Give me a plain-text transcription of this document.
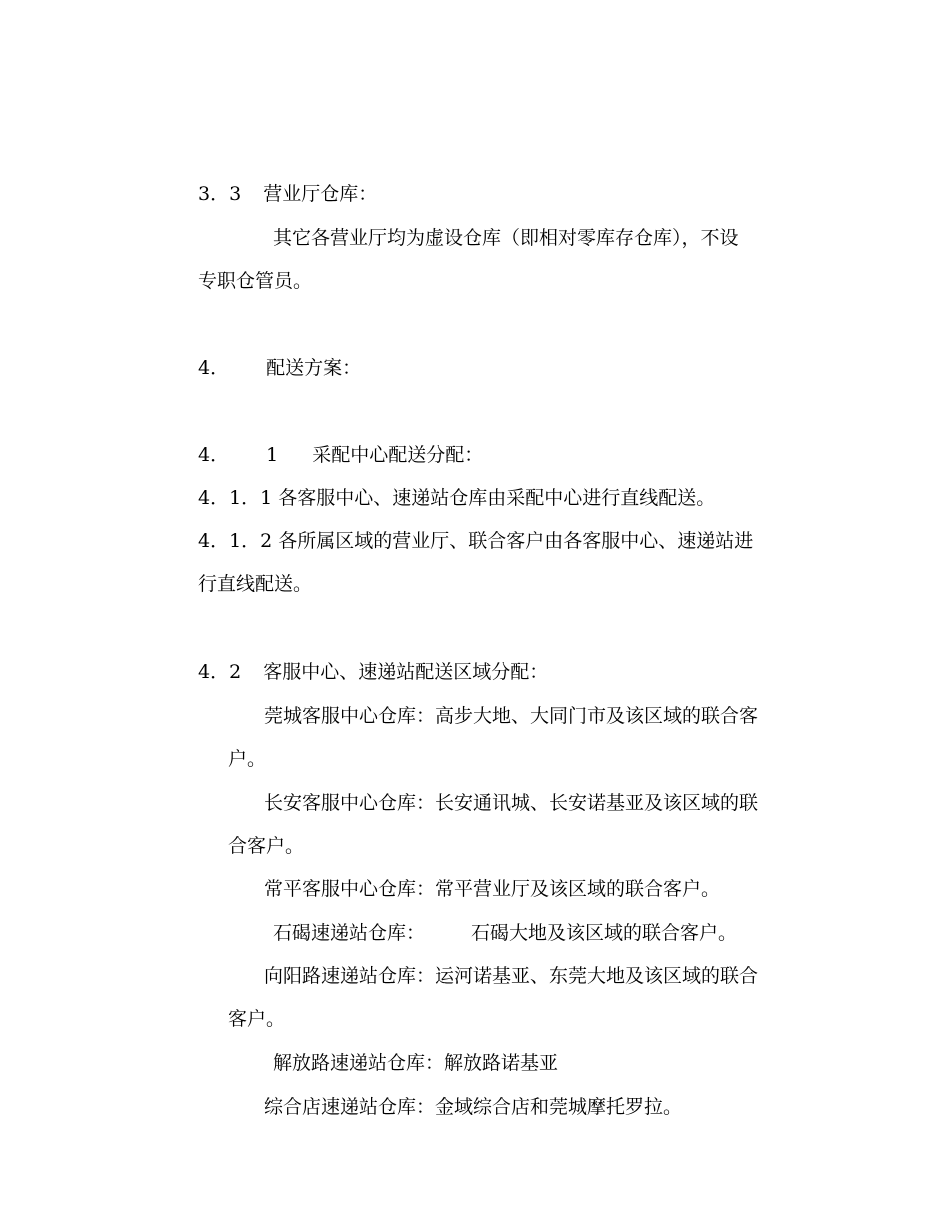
3．3 营业厅仓库：
其它各营业厅均为虚设仓库（即相对零库存仓库），不设
专职仓管员。
4． 配送方案：
4． 1 采配中心配送分配：
4．1．1 各客服中心、速递站仓库由采配中心进行直线配送。
4．1．2 各所属区域的营业厅、联合客户由各客服中心、速递站进
行直线配送。
4．2 客服中心、速递站配送区域分配：
莞城客服中心仓库：高步大地、大同门市及该区域的联合客
户。
长安客服中心仓库：长安通讯城、长安诺基亚及该区域的联
合客户。
常平客服中心仓库：常平营业厅及该区域的联合客户。
石碣速递站仓库： 石碣大地及该区域的联合客户。
向阳路速递站仓库：运河诺基亚、东莞大地及该区域的联合
客户。
解放路速递站仓库：解放路诺基亚
综合店速递站仓库：金域综合店和莞城摩托罗拉。
